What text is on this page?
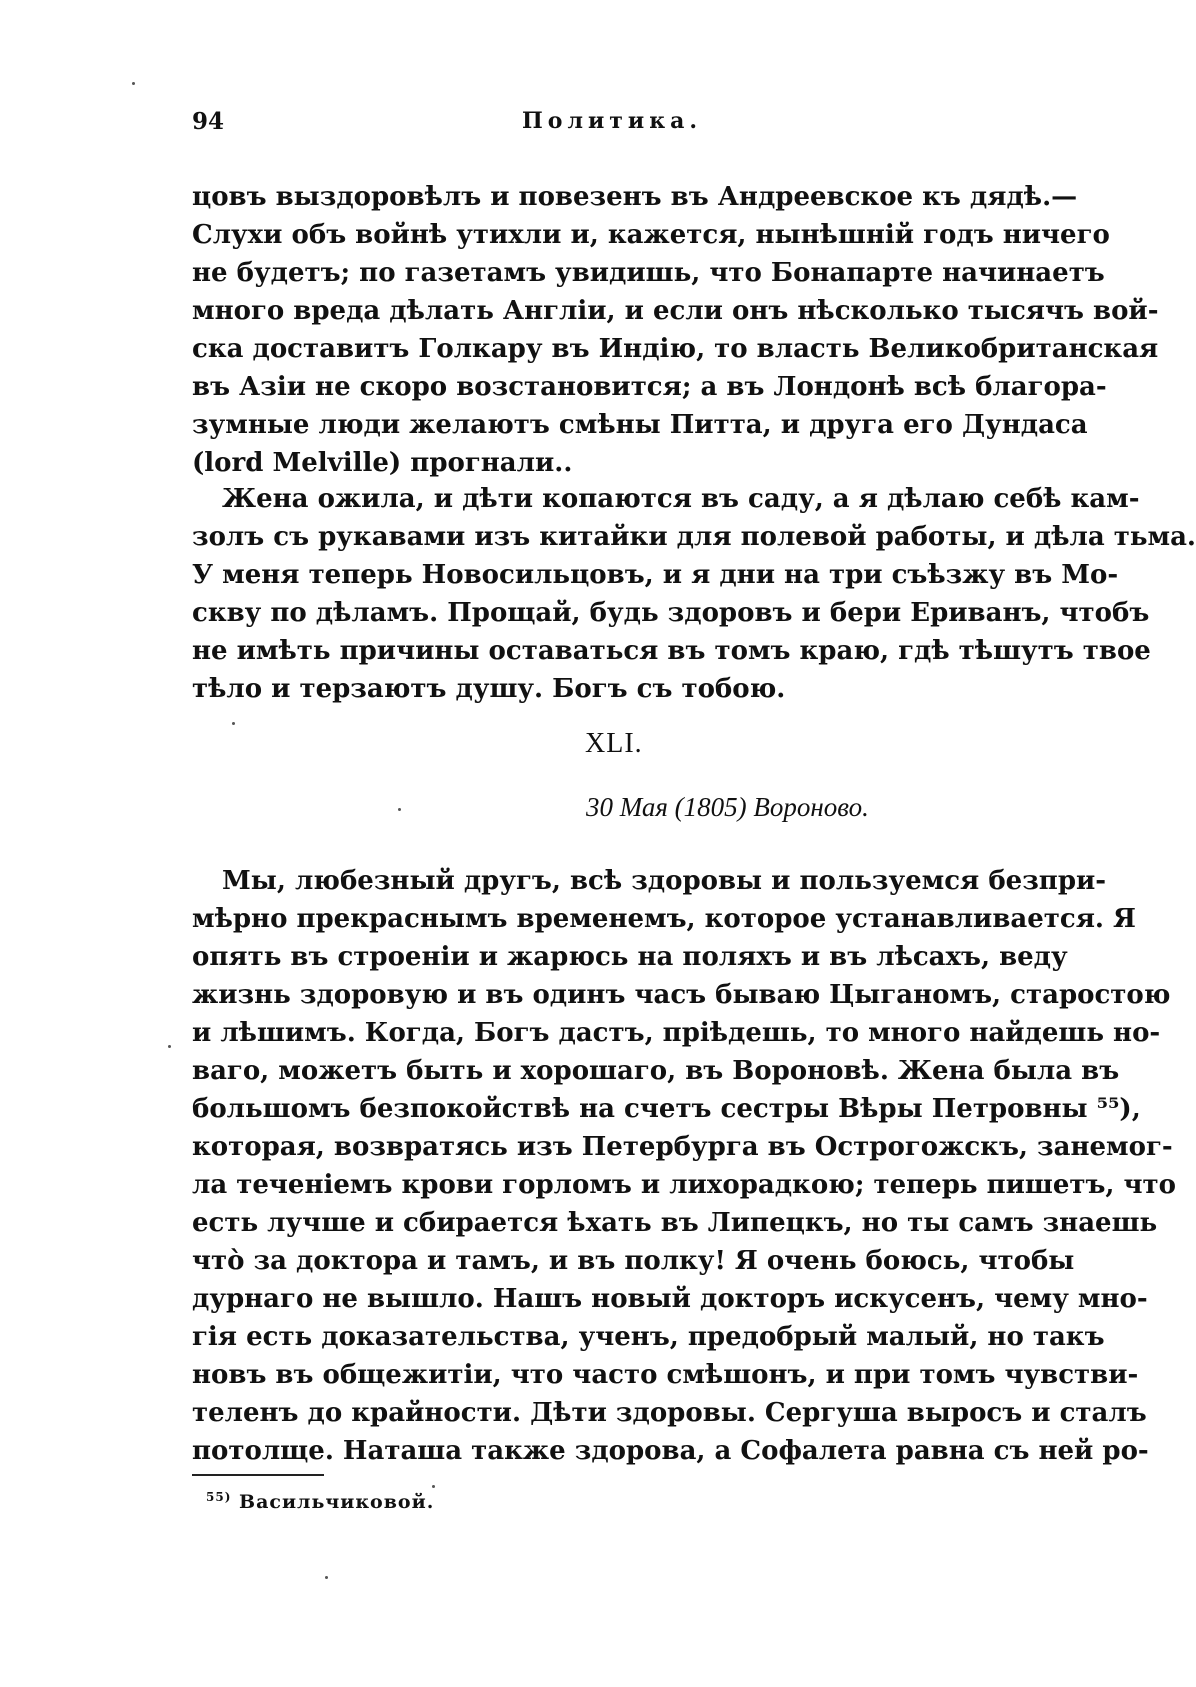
94	Политика.
цовъ выздоровѣлъ и повезенъ въ Андреевское къ дядѣ.—
Слухи объ войнѣ утихли и, кажется, нынѣшній годъ ничего
не будетъ; по газетамъ увидишь, что Бонапарте начинаетъ
много вреда дѣлать Англіи, и если онъ нѣсколько тысячъ вой-
ска доставитъ Голкару въ Индію, то власть Великобританская
въ Азіи не скоро возстановится; а въ Лондонѣ всѣ благора-
зумные люди желаютъ смѣны Питта, и друга его Дундаса
(lord Melville) прогнали..
Жена ожила, и дѣти копаются въ саду, а я дѣлаю себѣ кам-
золъ съ рукавами изъ китайки для полевой работы, и дѣла тьма.
У меня теперь Новосильцовъ, и я дни на три съѣзжу въ Мо-
скву по дѣламъ. Прощай, будь здоровъ и бери Ериванъ, чтобъ
не имѣть причины оставаться въ томъ краю, гдѣ тѣшутъ твое
тѣло и терзаютъ душу. Богъ съ тобою.
XLI.
30 Мая (1805) Вороново.
Мы, любезный другъ, всѣ здоровы и пользуемся безпри-
мѣрно прекраснымъ временемъ, которое устанавливается. Я
опять въ строеніи и жарюсь на поляхъ и въ лѣсахъ, веду
жизнь здоровую и въ одинъ часъ бываю Цыганомъ, старостою
и лѣшимъ. Когда, Богъ дастъ, пріѣдешь, то много найдешь но-
ваго, можетъ быть и хорошаго, въ Вороновѣ. Жена была въ
большомъ безпокойствѣ на счетъ сестры Вѣры Петровны ⁵⁵),
которая, возвратясь изъ Петербурга въ Острогожскъ, занемог-
ла теченіемъ крови горломъ и лихорадкою; теперь пишетъ, что
есть лучше и сбирается ѣхать въ Липецкъ, но ты самъ знаешь
чтò за доктора и тамъ, и въ полку! Я очень боюсь, чтобы
дурнаго не вышло. Нашъ новый докторъ искусенъ, чему мно-
гія есть доказательства, ученъ, предобрый малый, но такъ
новъ въ общежитіи, что часто смѣшонъ, и при томъ чувстви-
теленъ до крайности. Дѣти здоровы. Сергуша выросъ и сталъ
потолще. Наташа также здорова, а Софалета равна съ ней ро-
$^{55)}$ Васильчиковой.
